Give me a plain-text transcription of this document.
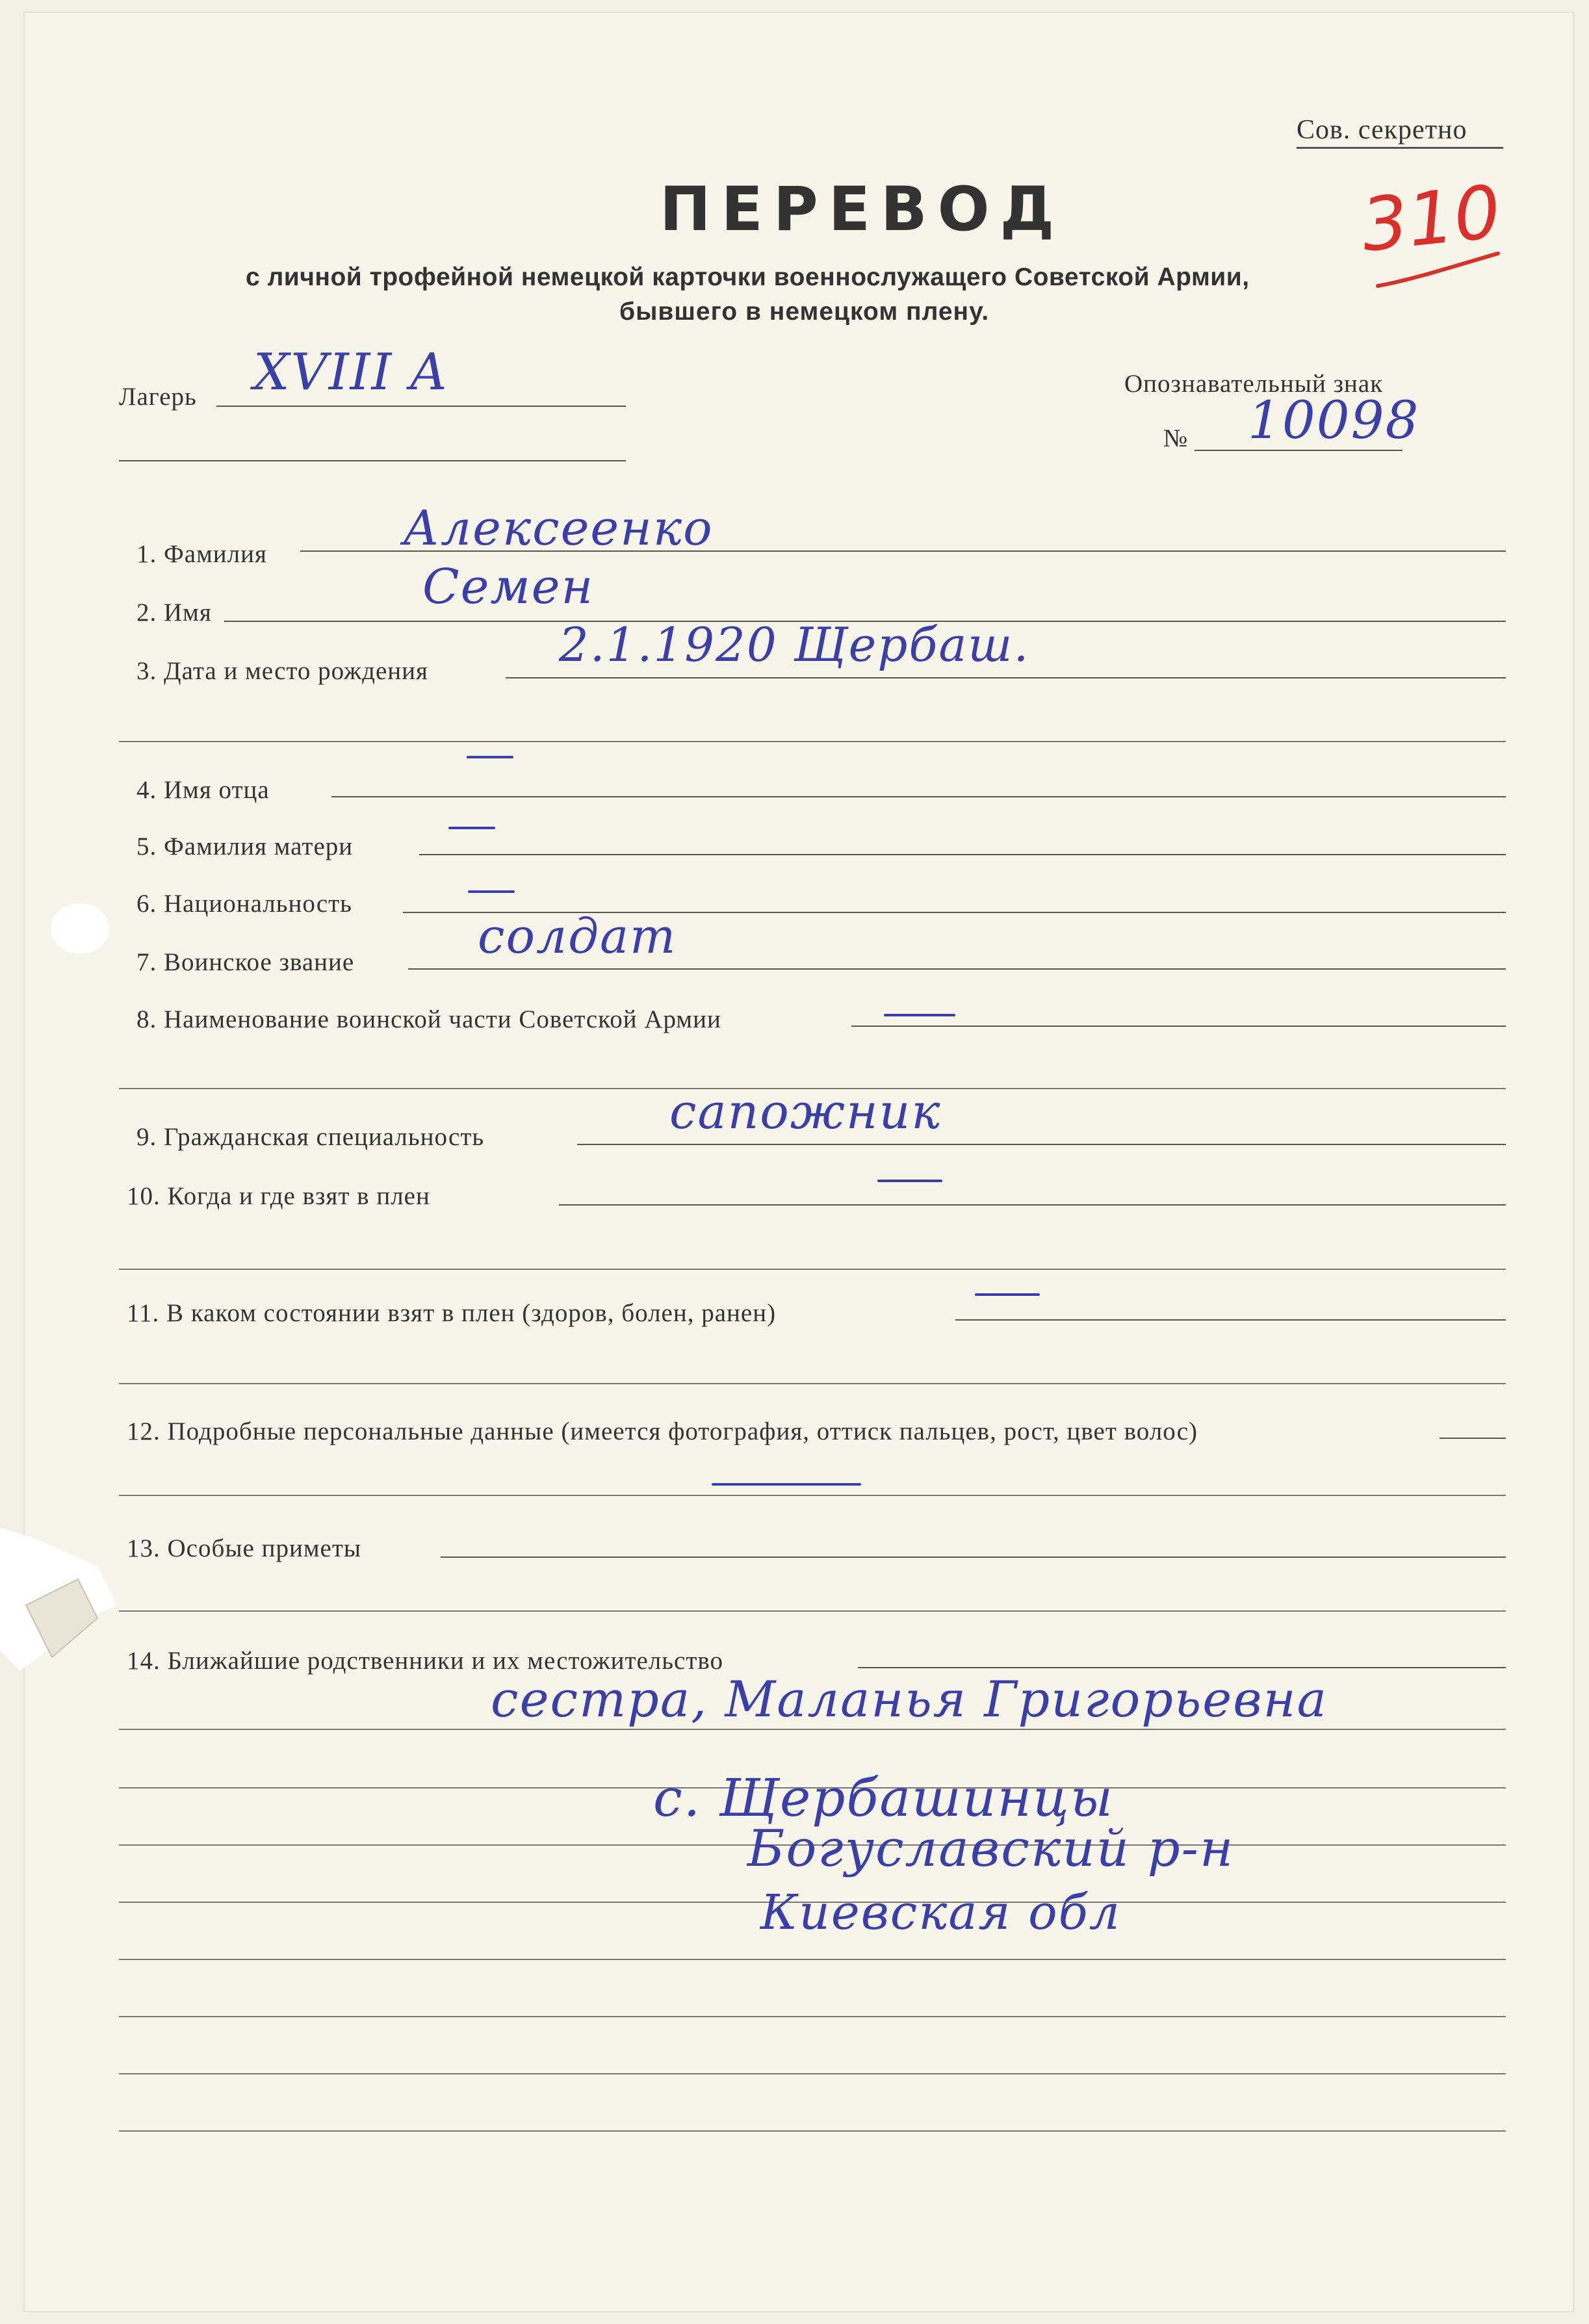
Сов. секретно
310
ПЕРЕВОД
с личной трофейной немецкой карточки военнослужащего Советской Армии,
бывшего в немецком плену.
Лагерь XVIII A	Опознавательный знак
№ 10098
1. Фамилия	Алексеенко
2. Имя	Семен
3. Дата и место рождения	2.1.1920 Щербаш.
4. Имя отца
5. Фамилия матери
6. Национальность
7. Воинское звание	солдат
8. Наименование воинской части Советской Армии
9. Гражданская специальность	сапожник
10. Когда и где взят в плен
11. В каком состоянии взят в плен (здоров, болен, ранен)
12. Подробные персональные данные (имеется фотография, оттиск пальцев, рост, цвет волос)
13. Особые приметы
14. Ближайшие родственники и их местожительство
сестра, Маланья Григорьевна
с. Щербашинцы
Богуславский р-н
Киевская обл
